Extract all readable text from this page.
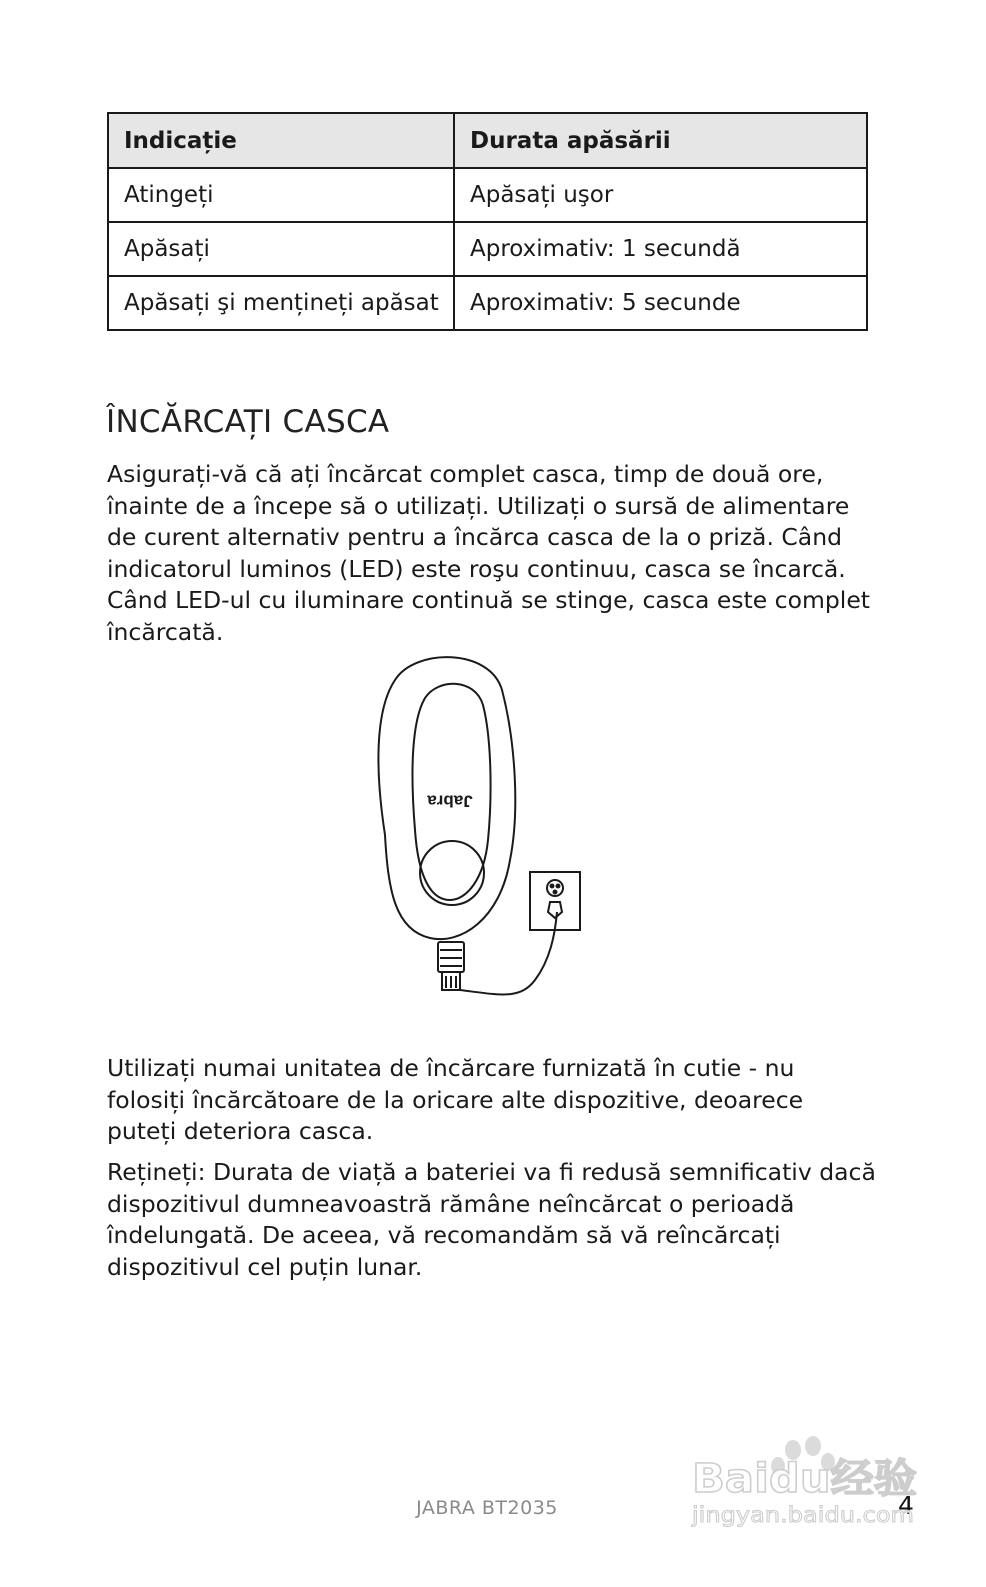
Indicație	Durata apăsării
Atingeți	Apăsați uşor
Apăsați	Aproximativ: 1 secundă
Apăsați şi mențineți apăsat	Aproximativ: 5 secunde
ÎNCĂRCAȚI CASCA

Asigurați-vă că ați încărcat complet casca, timp de două ore, înainte de a începe să o utilizați. Utilizați o sursă de alimentare de curent alternativ pentru a încărca casca de la o priză. Când indicatorul luminos (LED) este roşu continuu, casca se încarcă. Când LED-ul cu iluminare continuă se stinge, casca este complet încărcată.

Jabra

Utilizați numai unitatea de încărcare furnizată în cutie - nu folosiți încărcătoare de la oricare alte dispozitive, deoarece puteți deteriora casca.

Rețineți: Durata de viață a bateriei va fi redusă semnificativ dacă dispozitivul dumneavoastră rămâne neîncărcat o perioadă îndelungată. De aceea, vă recomandăm să vă reîncărcați dispozitivul cel puțin lunar.

JABRA BT2035	4
Baidu经验
jingyan.baidu.com
